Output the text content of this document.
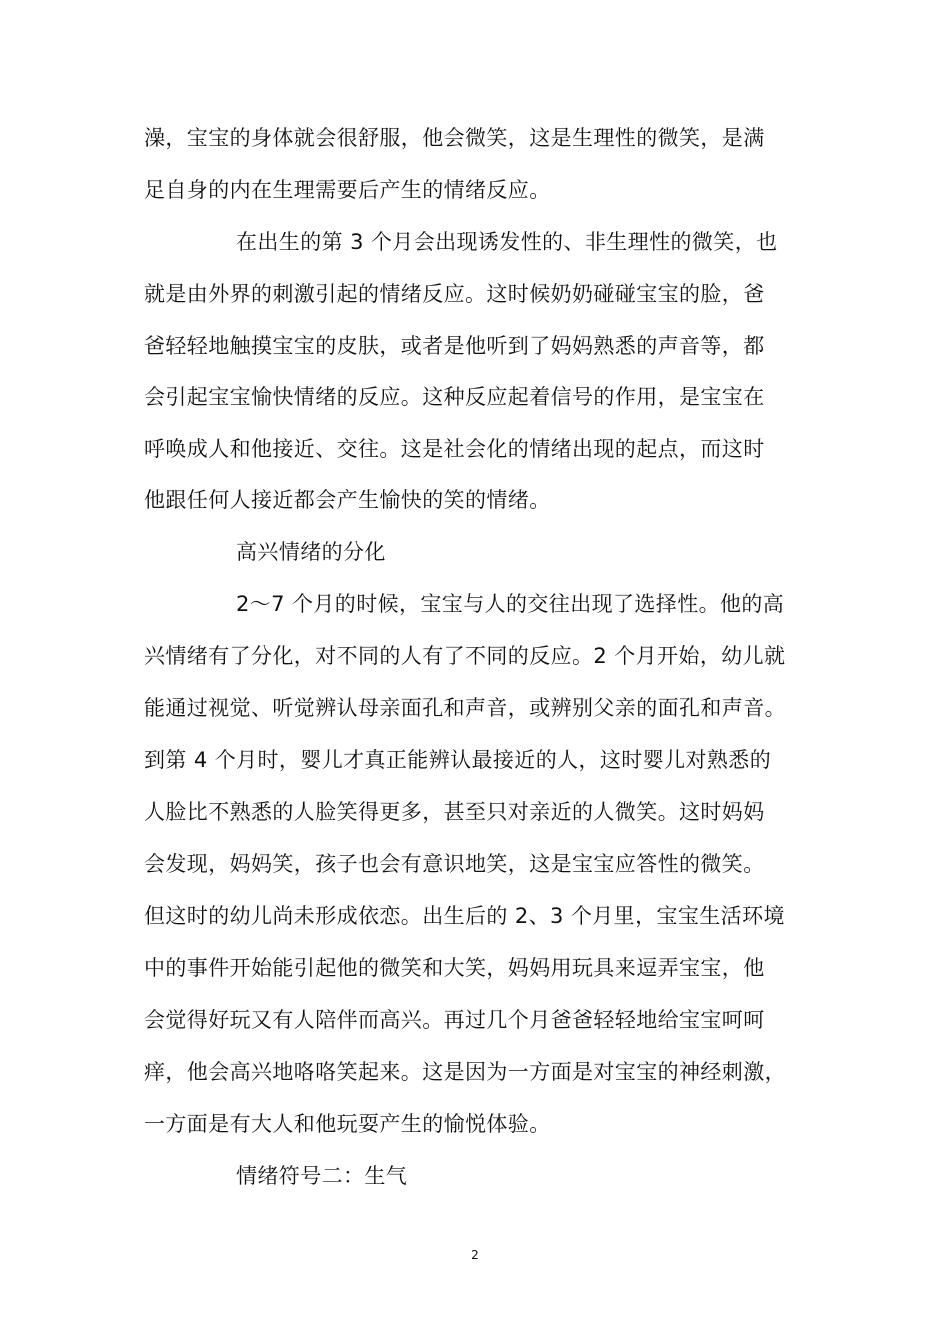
澡，宝宝的身体就会很舒服，他会微笑，这是生理性的微笑，是满
足自身的内在生理需要后产生的情绪反应。
在出生的第 3 个月会出现诱发性的、非生理性的微笑，也
就是由外界的刺激引起的情绪反应。这时候奶奶碰碰宝宝的脸，爸
爸轻轻地触摸宝宝的皮肤，或者是他听到了妈妈熟悉的声音等，都
会引起宝宝愉快情绪的反应。这种反应起着信号的作用，是宝宝在
呼唤成人和他接近、交往。这是社会化的情绪出现的起点，而这时
他跟任何人接近都会产生愉快的笑的情绪。
高兴情绪的分化
2～7 个月的时候，宝宝与人的交往出现了选择性。他的高
兴情绪有了分化，对不同的人有了不同的反应。2 个月开始，幼儿就
能通过视觉、听觉辨认母亲面孔和声音，或辨别父亲的面孔和声音。
到第 4 个月时，婴儿才真正能辨认最接近的人，这时婴儿对熟悉的
人脸比不熟悉的人脸笑得更多，甚至只对亲近的人微笑。这时妈妈
会发现，妈妈笑，孩子也会有意识地笑，这是宝宝应答性的微笑。
但这时的幼儿尚未形成依恋。出生后的 2、3 个月里，宝宝生活环境
中的事件开始能引起他的微笑和大笑，妈妈用玩具来逗弄宝宝，他
会觉得好玩又有人陪伴而高兴。再过几个月爸爸轻轻地给宝宝呵呵
痒，他会高兴地咯咯笑起来。这是因为一方面是对宝宝的神经刺激，
一方面是有大人和他玩耍产生的愉悦体验。
情绪符号二：生气
2
